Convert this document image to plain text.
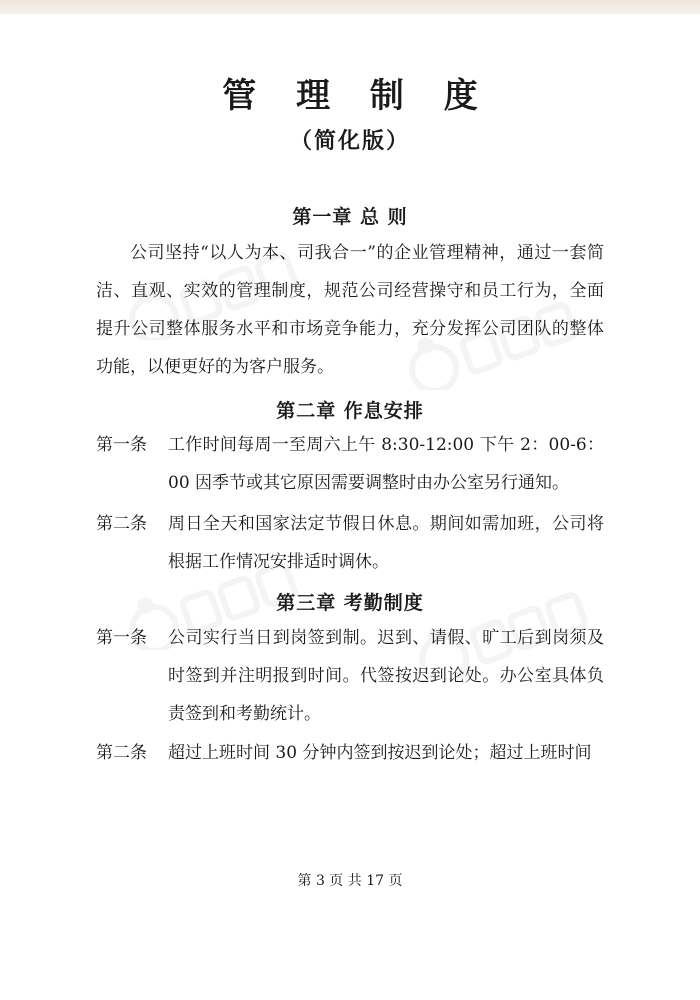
管 理 制 度
（简化版）
第一章 总 则
公司坚持“以人为本、司我合一”的企业管理精神，通过一套简洁、直观、实效的管理制度，规范公司经营操守和员工行为，全面提升公司整体服务水平和市场竞争能力，充分发挥公司团队的整体功能，以便更好的为客户服务。
第二章 作息安排
第一条	工作时间每周一至周六上午 8:30-12:00 下午 2：00-6：00 因季节或其它原因需要调整时由办公室另行通知。
第二条	周日全天和国家法定节假日休息。期间如需加班，公司将根据工作情况安排适时调休。
第三章 考勤制度
第一条	公司实行当日到岗签到制。迟到、请假、旷工后到岗须及时签到并注明报到时间。代签按迟到论处。办公室具体负责签到和考勤统计。
第二条	超过上班时间 30 分钟内签到按迟到论处；超过上班时间
第 3 页 共 17 页
